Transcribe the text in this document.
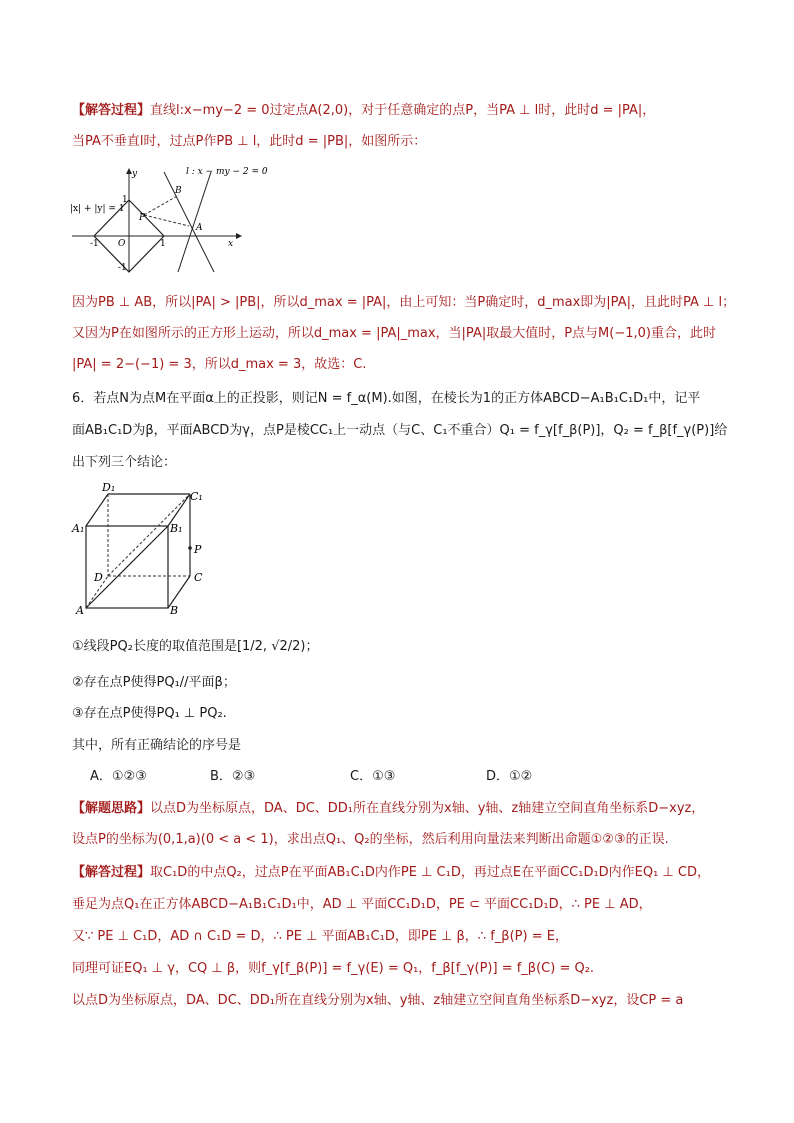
【解答过程】直线l:x−my−2 = 0过定点A(2,0)，对于任意确定的点P，当PA ⊥ l时，此时d = |PA|，
当PA不垂直l时，过点P作PB ⊥ l，此时d = |PB|，如图所示：
l : x − my − 2 = 0
|x| + |y| = 1
y
x
O
1
-1	1
-1
B
P
A
因为PB ⊥ AB，所以|PA| > |PB|，所以d_max = |PA|，由上可知：当P确定时，d_max即为|PA|，且此时PA ⊥ l；
又因为P在如图所示的正方形上运动，所以d_max = |PA|_max，当|PA|取最大值时，P点与M(−1,0)重合，此时
|PA| = 2−(−1) = 3，所以d_max = 3，故选：C.
6．若点N为点M在平面α上的正投影，则记N = f_α(M).如图，在棱长为1的正方体ABCD−A₁B₁C₁D₁中，记平
面AB₁C₁D为β，平面ABCD为γ，点P是棱CC₁上一动点（与C、C₁不重合）Q₁ = f_γ[f_β(P)]，Q₂ = f_β[f_γ(P)]给
出下列三个结论：
D₁
C₁
A₁	B₁
P
D	C
A	B
①线段PQ₂长度的取值范围是[1/2, √2/2)；
②存在点P使得PQ₁//平面β；
③存在点P使得PQ₁ ⊥ PQ₂.
其中，所有正确结论的序号是
A．①②③	B．②③	C．①③	D．①②
【解题思路】以点D为坐标原点，DA、DC、DD₁所在直线分别为x轴、y轴、z轴建立空间直角坐标系D−xyz，
设点P的坐标为(0,1,a)(0 < a < 1)，求出点Q₁、Q₂的坐标，然后利用向量法来判断出命题①②③的正误.
【解答过程】取C₁D的中点Q₂，过点P在平面AB₁C₁D内作PE ⊥ C₁D，再过点E在平面CC₁D₁D内作EQ₁ ⊥ CD，
垂足为点Q₁在正方体ABCD−A₁B₁C₁D₁中，AD ⊥ 平面CC₁D₁D，PE ⊂ 平面CC₁D₁D，∴ PE ⊥ AD，
又∵ PE ⊥ C₁D，AD ∩ C₁D = D，∴ PE ⊥ 平面AB₁C₁D，即PE ⊥ β，∴ f_β(P) = E，
同理可证EQ₁ ⊥ γ，CQ ⊥ β，则f_γ[f_β(P)] = f_γ(E) = Q₁，f_β[f_γ(P)] = f_β(C) = Q₂.
以点D为坐标原点，DA、DC、DD₁所在直线分别为x轴、y轴、z轴建立空间直角坐标系D−xyz，设CP = a
